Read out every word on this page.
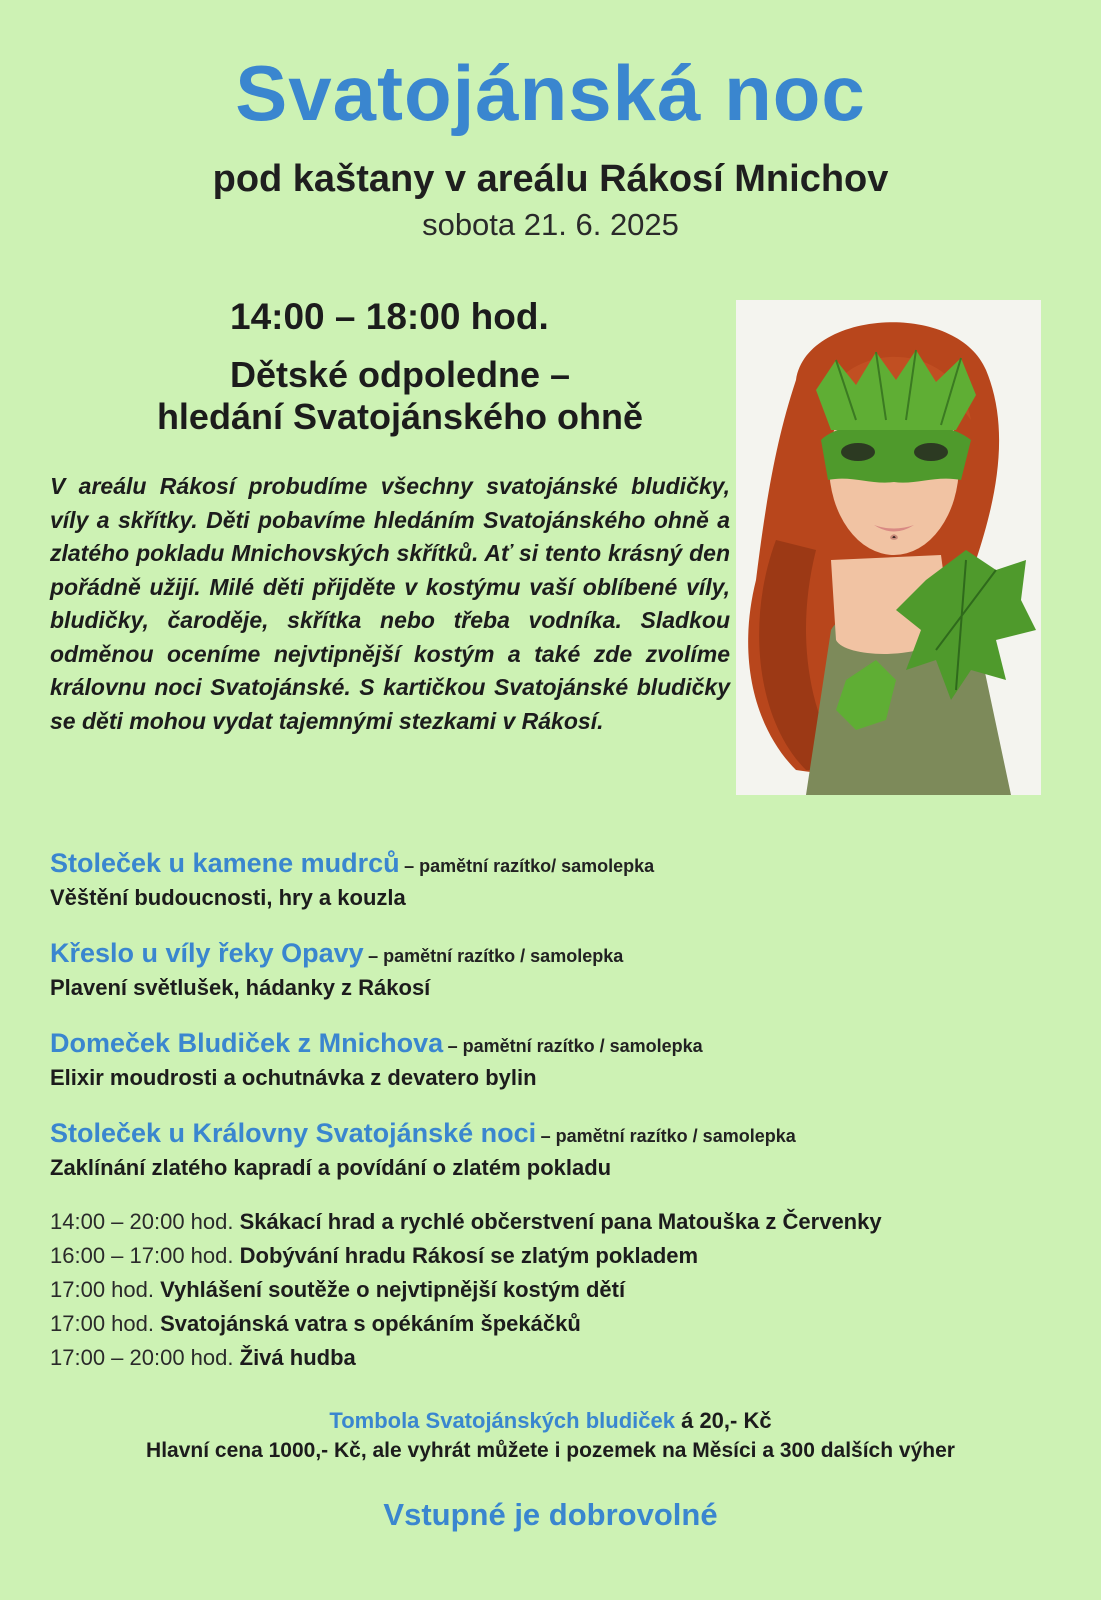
Svatojánská noc
pod kaštany v areálu Rákosí Mnichov
sobota 21. 6. 2025
14:00 – 18:00 hod.
Dětské odpoledne –
hledání Svatojánského ohně
V areálu Rákosí probudíme všechny svatojánské bludičky, víly a skřítky. Děti pobavíme hledáním Svatojánského ohně a zlatého pokladu Mnichovských skřítků. Ať si tento krásný den pořádně užijí. Milé děti přijděte v kostýmu vaší oblíbené víly, bludičky, čaroděje, skřítka nebo třeba vodníka. Sladkou odměnou oceníme nejvtipnější kostým a také zde zvolíme královnu noci Svatojánské. S kartičkou Svatojánské bludičky se děti mohou vydat tajemnými stezkami v Rákosí.
Stoleček u kamene mudrců – pamětní razítko/ samolepka
Věštění budoucnosti, hry a kouzla
Křeslo u víly řeky Opavy – pamětní razítko / samolepka
Plavení světlušek, hádanky z Rákosí
Domeček Bludiček z Mnichova – pamětní razítko / samolepka
Elixir moudrosti a ochutnávka z devatero bylin
Stoleček u Královny Svatojánské noci – pamětní razítko / samolepka
Zaklínání zlatého kapradí a povídání o zlatém pokladu
14:00 – 20:00 hod. Skákací hrad a rychlé občerstvení pana Matouška z Červenky
16:00 – 17:00 hod. Dobývání hradu Rákosí se zlatým pokladem
17:00 hod. Vyhlášení soutěže o nejvtipnější kostým dětí
17:00 hod. Svatojánská vatra s opékáním špekáčků
17:00 – 20:00 hod. Živá hudba
Tombola Svatojánských bludiček á 20,- Kč
Hlavní cena 1000,- Kč, ale vyhrát můžete i pozemek na Měsíci a 300 dalších výher
Vstupné je dobrovolné
